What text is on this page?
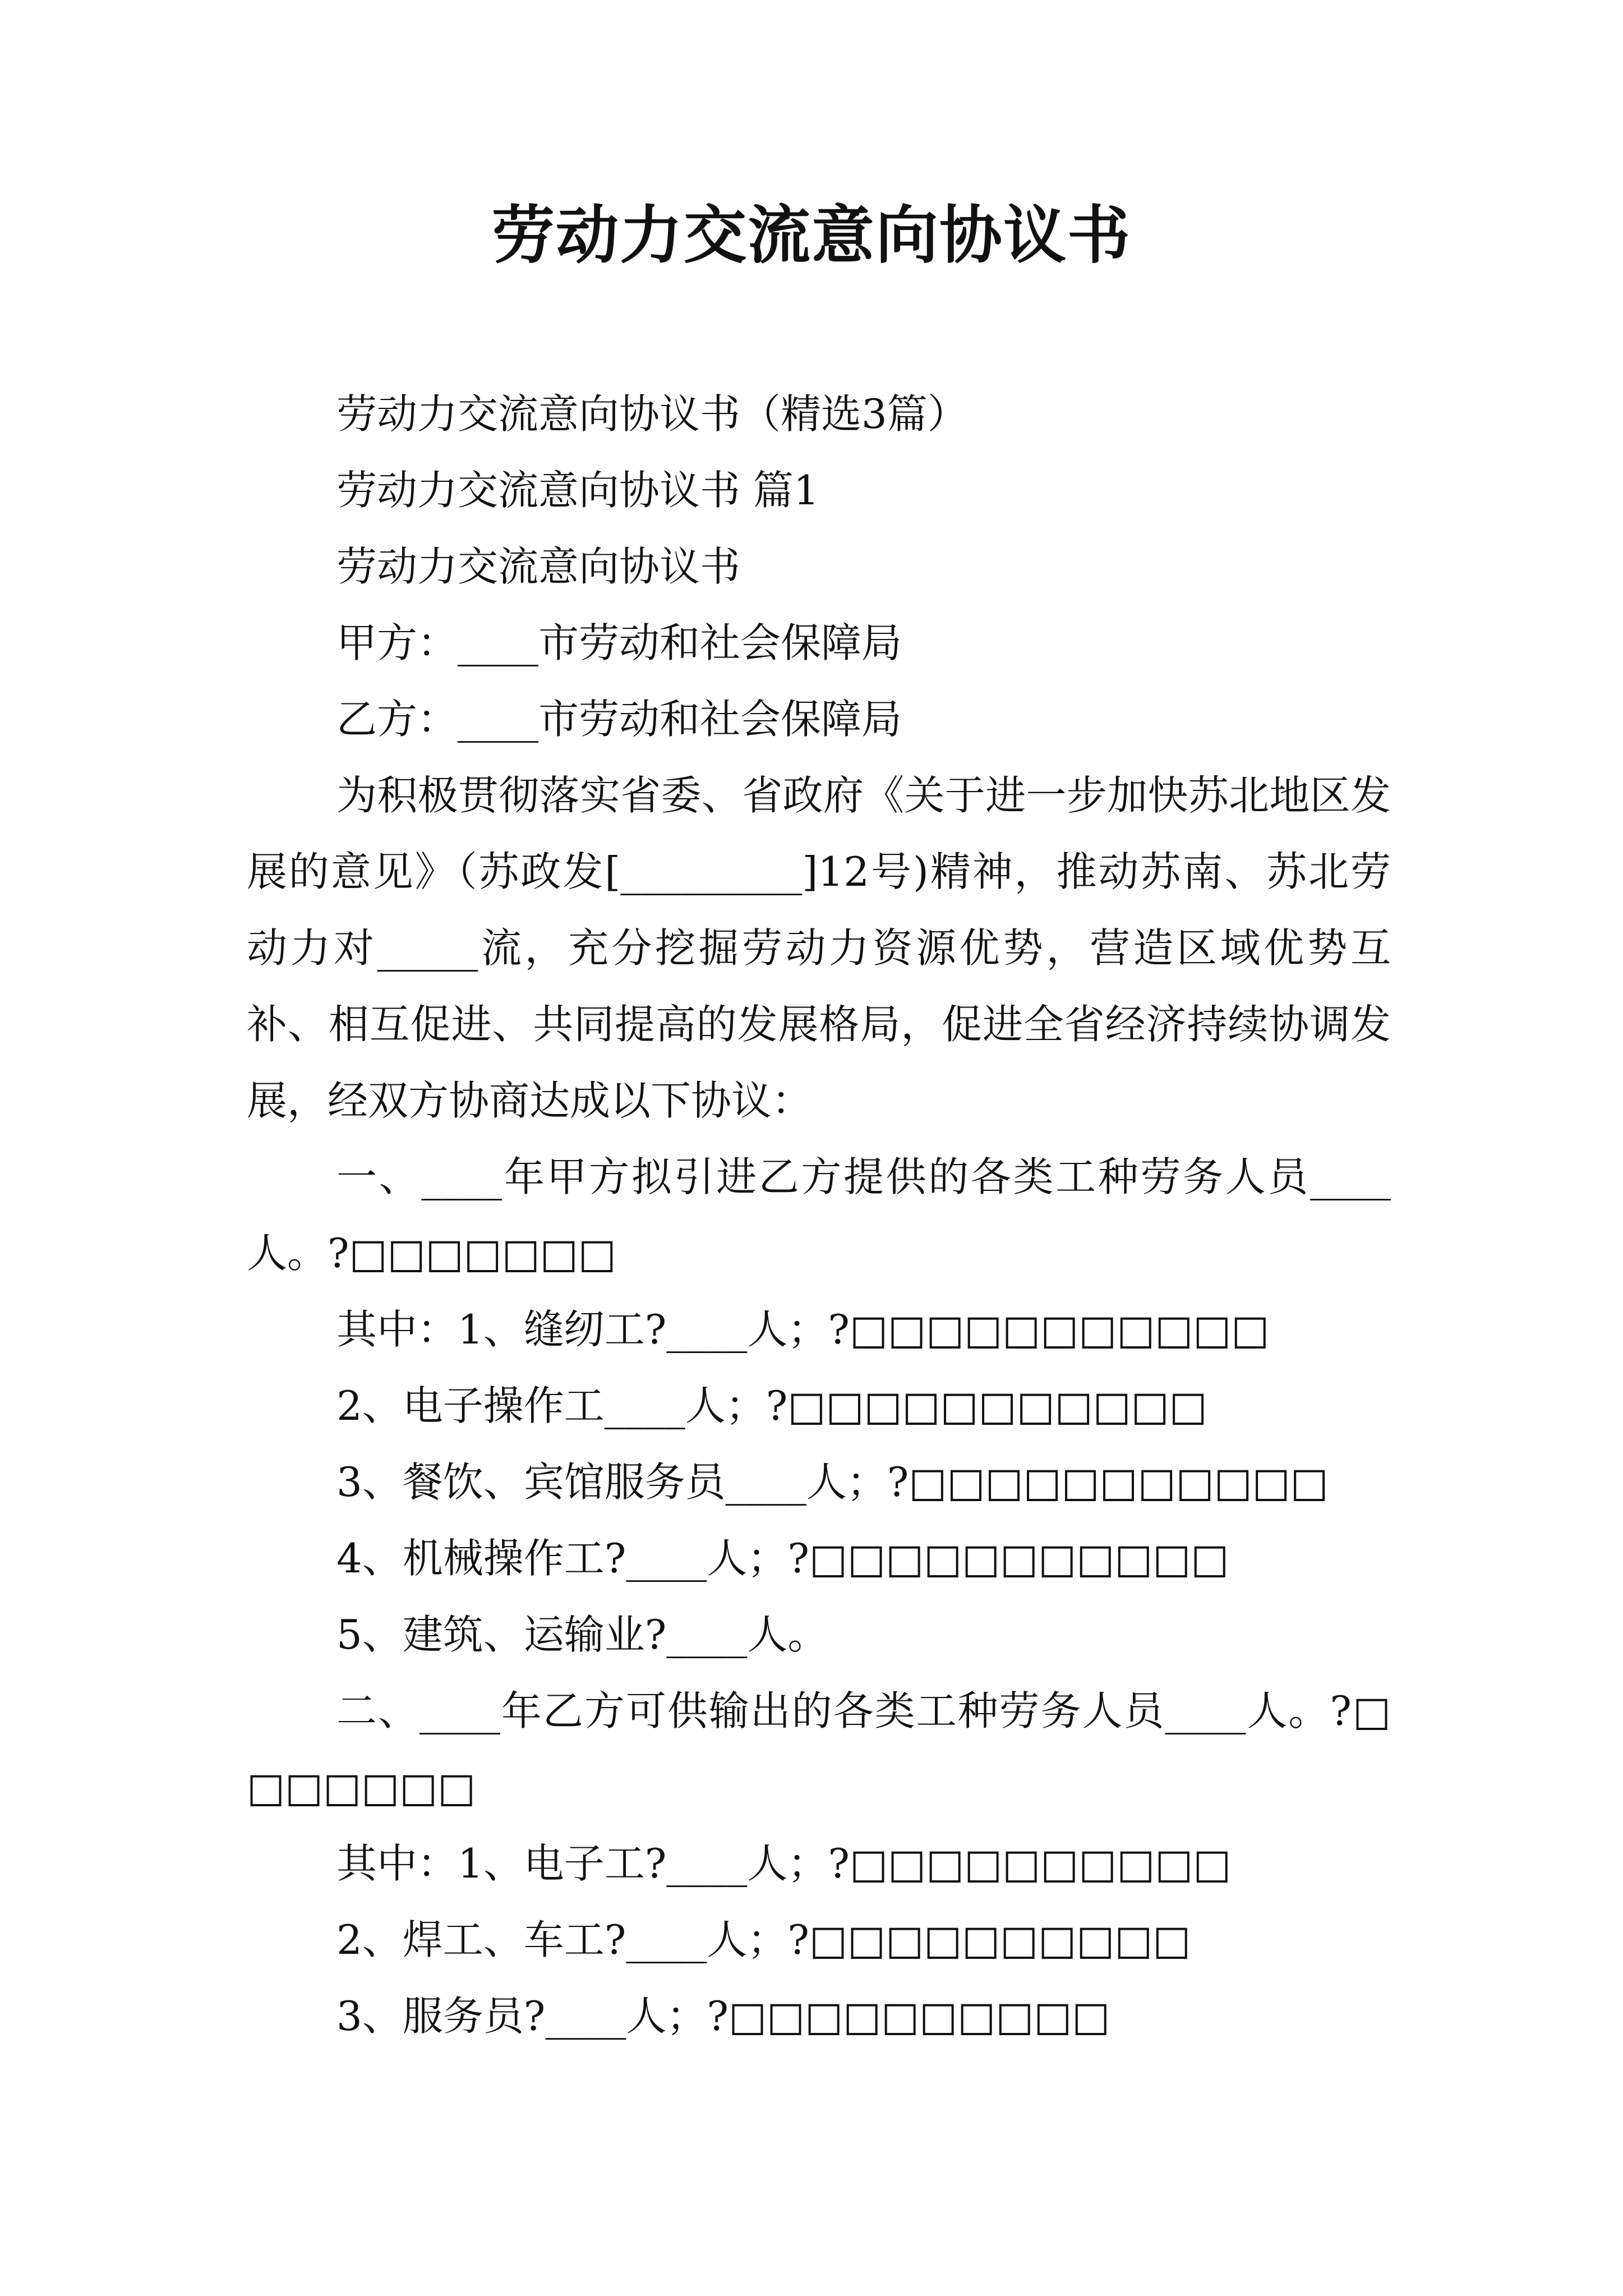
劳动力交流意向协议书

劳动力交流意向协议书（精选3篇）

劳动力交流意向协议书 篇1

劳动力交流意向协议书

甲方：____市劳动和社会保障局

乙方：____市劳动和社会保障局

为积极贯彻落实省委、省政府《关于进一步加快苏北地区发展的意见》（苏政发[_________]12号)精神，推动苏南、苏北劳动力对_____流，充分挖掘劳动力资源优势，营造区域优势互补、相互促进、共同提高的发展格局，促进全省经济持续协调发展，经双方协商达成以下协议：

一、____年甲方拟引进乙方提供的各类工种劳务人员____人。?□□□□□□□

其中：1、缝纫工?____人；?□□□□□□□□□□□

2、电子操作工____人；?□□□□□□□□□□□

3、餐饮、宾馆服务员____人；?□□□□□□□□□□□

4、机械操作工?____人；?□□□□□□□□□□□

5、建筑、运输业?____人。

二、____年乙方可供输出的各类工种劳务人员____人。?□□□□□□□

其中：1、电子工?____人；?□□□□□□□□□□

2、焊工、车工?____人；?□□□□□□□□□□

3、服务员?____人；?□□□□□□□□□□
